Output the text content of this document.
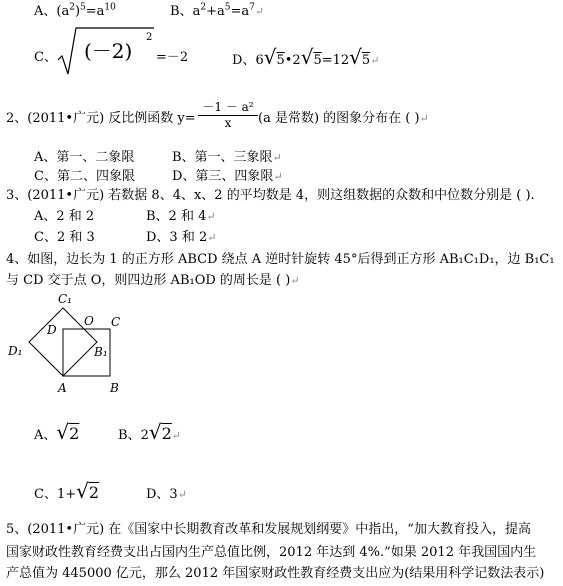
A、$(a^2)^5=a^{10}$	B、$a^2+a^5=a^7↵$
C、 (－2)
2
=－2	D、6√5•2√5=12√5↵
2、(2011•广元) 反比例函数 $y= \frac{\text{－1 － a²}}{x} (a$ 是常数) 的图象分布在 ( )↵
A、第一、二象限	B、第一、三象限↵
C、第二、四象限	D、第三、四象限↵
3、(2011•广元) 若数据 8、4、x、2 的平均数是 4，则这组数据的众数和中位数分别是 ( ).
A、2 和 2	B、2 和 4↵
C、2 和 3	D、3 和 2↵
4、如图，边长为 1 的正方形 ABCD 绕点 A 逆时针旋转 45°后得到正方形 AB₁C₁D₁，边 B₁C₁
与 CD 交于点 O，则四边形 AB₁OD 的周长是 ( )↵
C₁
D
O C
D₁	B₁
A	B
A、√2	B、2√2↵
C、1+√2	D、3↵
5、(2011•广元) 在《国家中长期教育改革和发展规划纲要》中指出，“加大教育投入，提高
国家财政性教育经费支出占国内生产总值比例，2012 年达到 4%.”如果 2012 年我国国内生
产总值为 445000 亿元，那么 2012 年国家财政性教育经费支出应为(结果用科学记数法表示)
